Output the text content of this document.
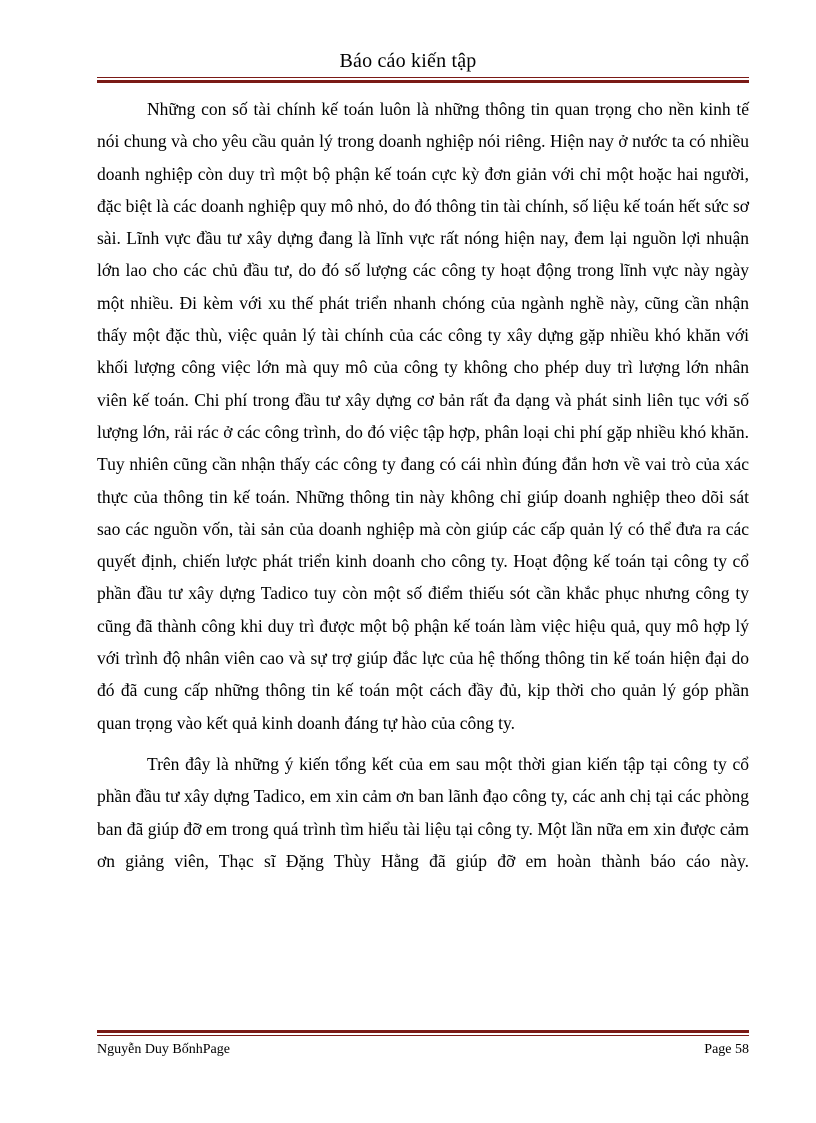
Báo cáo kiến tập

Những con số tài chính kế toán luôn là những thông tin quan trọng cho nền kinh tế nói chung và cho yêu cầu quản lý trong doanh nghiệp nói riêng. Hiện nay ở nước ta có nhiều doanh nghiệp còn duy trì một bộ phận kế toán cực kỳ đơn giản với chỉ một hoặc hai người, đặc biệt là các doanh nghiệp quy mô nhỏ, do đó thông tin tài chính, số liệu kế toán hết sức sơ sài. Lĩnh vực đầu tư xây dựng đang là lĩnh vực rất nóng hiện nay, đem lại nguồn lợi nhuận lớn lao cho các chủ đầu tư, do đó số lượng các công ty hoạt động trong lĩnh vực này ngày một nhiều. Đi kèm với xu thế phát triển nhanh chóng của ngành nghề này, cũng cần nhận thấy một đặc thù, việc quản lý tài chính của các công ty xây dựng gặp nhiều khó khăn với khối lượng công việc lớn mà quy mô của công ty không cho phép duy trì lượng lớn nhân viên kế toán. Chi phí trong đầu tư xây dựng cơ bản rất đa dạng và phát sinh liên tục với số lượng lớn, rải rác ở các công trình, do đó việc tập hợp, phân loại chi phí gặp nhiều khó khăn. Tuy nhiên cũng cần nhận thấy các công ty đang có cái nhìn đúng đắn hơn về vai trò của xác thực của thông tin kế toán. Những thông tin này không chỉ giúp doanh nghiệp theo dõi sát sao các nguồn vốn, tài sản của doanh nghiệp mà còn giúp các cấp quản lý có thể đưa ra các quyết định, chiến lược phát triển kinh doanh cho công ty. Hoạt động kế toán tại công ty cổ phần đầu tư xây dựng Tadico tuy còn một số điểm thiếu sót cần khắc phục nhưng công ty cũng đã thành công khi duy trì được một bộ phận kế toán làm việc hiệu quả, quy mô hợp lý với trình độ nhân viên cao và sự trợ giúp đắc lực của hệ thống thông tin kế toán hiện đại do đó đã cung cấp những thông tin kế toán một cách đầy đủ, kịp thời cho quản lý góp phần quan trọng vào kết quả kinh doanh đáng tự hào của công ty.

Trên đây là những ý kiến tổng kết của em sau một thời gian kiến tập tại công ty cổ phần đầu tư xây dựng Tadico, em xin cảm ơn ban lãnh đạo công ty, các anh chị tại các phòng ban đã giúp đỡ em trong quá trình tìm hiểu tài liệu tại công ty. Một lần nữa em xin được cảm ơn giảng viên, Thạc sĩ Đặng Thùy Hằng đã giúp đỡ em hoàn thành báo cáo này.

Nguyễn Duy BốnhPage	Page 58
